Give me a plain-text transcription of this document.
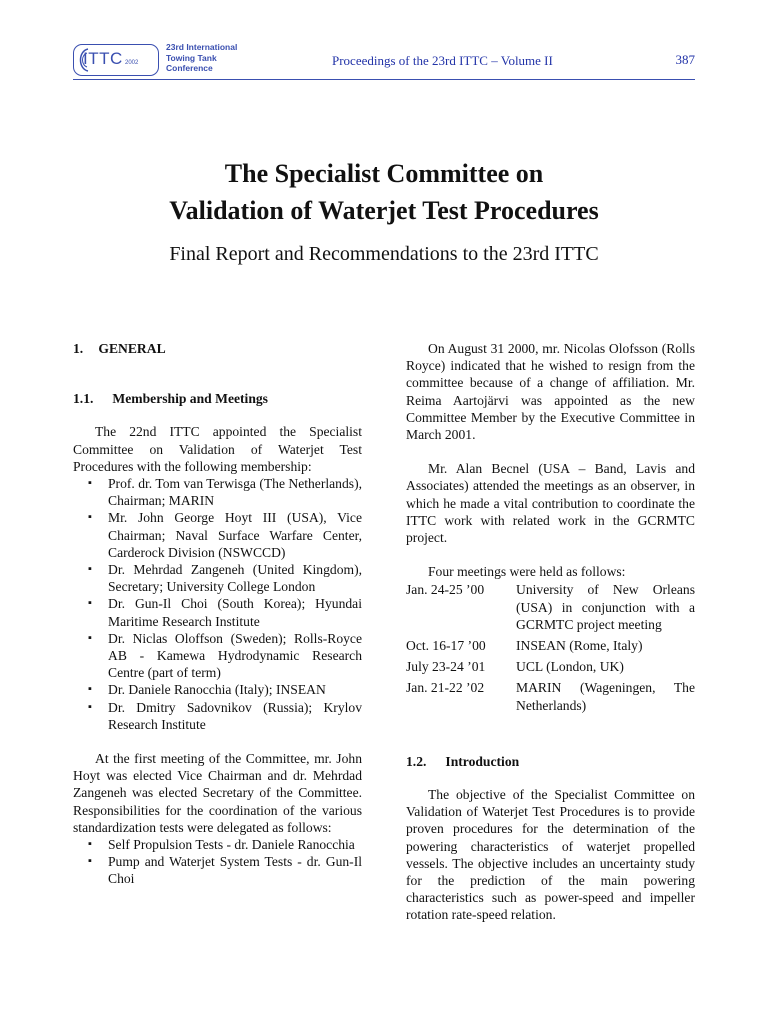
ITTC 2002
23rd International
Towing Tank
Conference	Proceedings of the 23rd ITTC – Volume II	387
The Specialist Committee on
Validation of Waterjet Test Procedures
Final Report and Recommendations to the 23rd ITTC
1. GENERAL
1.1. Membership and Meetings

The 22nd ITTC appointed the Specialist Committee on Validation of Waterjet Test Procedures with the following membership:

▪ Prof. dr. Tom van Terwisga (The Netherlands), Chairman; MARIN
▪ Mr. John George Hoyt III (USA), Vice Chairman; Naval Surface Warfare Center, Carderock Division (NSWCCD)
▪ Dr. Mehrdad Zangeneh (United Kingdom), Secretary; University College London
▪ Dr. Gun-Il Choi (South Korea); Hyundai Maritime Research Institute
▪ Dr. Niclas Oloffson (Sweden); Rolls-Royce AB - Kamewa Hydrodynamic Research Centre (part of term)
▪ Dr. Daniele Ranocchia (Italy); INSEAN
▪ Dr. Dmitry Sadovnikov (Russia); Krylov Research Institute

At the first meeting of the Committee, mr. John Hoyt was elected Vice Chairman and dr. Mehrdad Zangeneh was elected Secretary of the Committee. Responsibilities for the coordination of the various standardization tests were delegated as follows:

▪ Self Propulsion Tests - dr. Daniele Ranocchia
▪ Pump and Waterjet System Tests - dr. Gun-Il Choi

On August 31 2000, mr. Nicolas Olofsson (Rolls Royce) indicated that he wished to resign from the committee because of a change of affiliation. Mr. Reima Aartojärvi was appointed as the new Committee Member by the Executive Committee in March 2001.

Mr. Alan Becnel (USA – Band, Lavis and Associates) attended the meetings as an observer, in which he made a vital contribution to coordinate the ITTC work with related work in the GCRMTC project.

Four meetings were held as follows:

Jan. 24-25 ’00	University of New Orleans (USA) in conjunction with a GCRMTC project meeting
Oct. 16-17 ’00	INSEAN (Rome, Italy)
July 23-24 ’01	UCL (London, UK)
Jan. 21-22 ’02	MARIN (Wageningen, The Netherlands)
1.2. Introduction

The objective of the Specialist Committee on Validation of Waterjet Test Procedures is to provide proven procedures for the determination of the powering characteristics of waterjet propelled vessels. The objective includes an uncertainty study for the prediction of the main powering characteristics such as power-speed and impeller rotation rate-speed relation.
